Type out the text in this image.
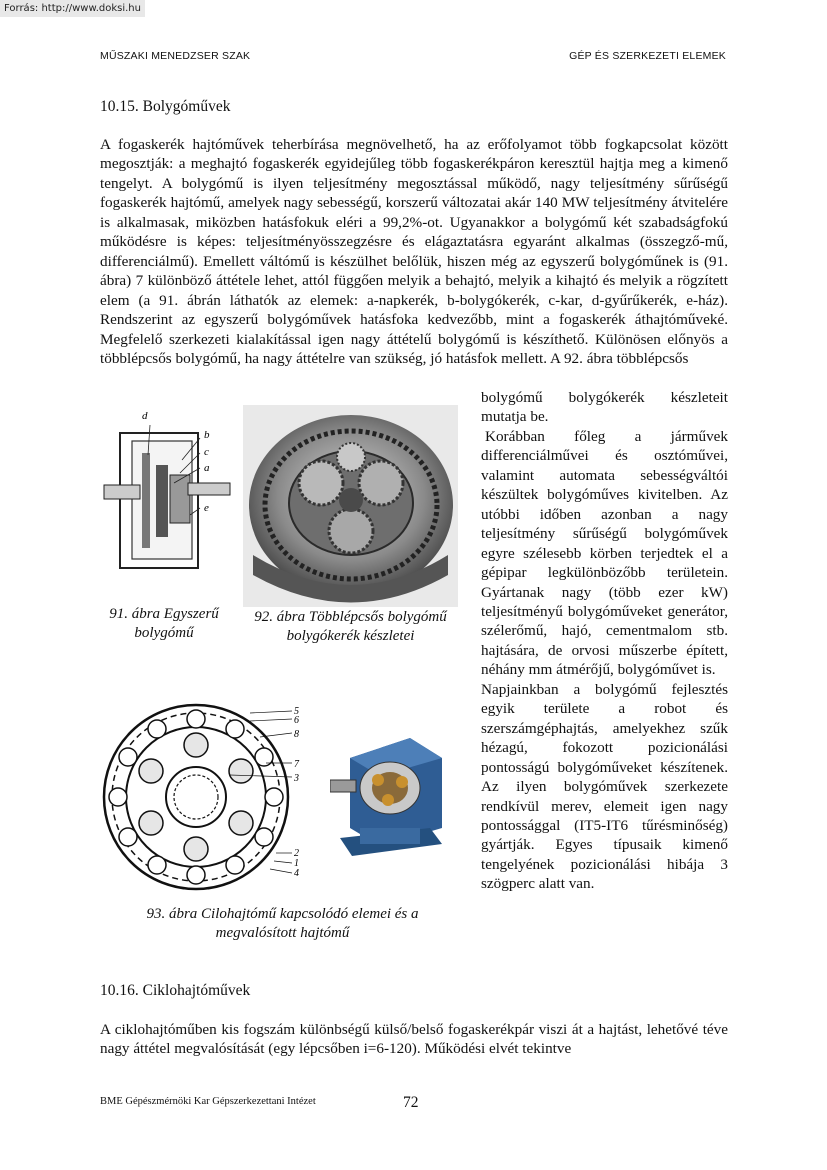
Forrás: http://www.doksi.hu
MŰSZAKI MENEDZSER SZAK	GÉP ÉS SZERKEZETI ELEMEK
10.15. Bolygóművek

A fogaskerék hajtóművek teherbírása megnövelhető, ha az erőfolyamot több fogkapcsolat között megosztják: a meghajtó fogaskerék egyidejűleg több fogaskerékpáron keresztül hajtja meg a kimenő tengelyt. A bolygómű is ilyen teljesítmény megosztással működő, nagy teljesítmény sűrűségű fogaskerék hajtómű, amelyek nagy sebességű, korszerű változatai akár 140 MW teljesítmény átvitelére is alkalmasak, miközben hatásfokuk eléri a 99,2%-ot. Ugyanakkor a bolygómű két szabadságfokú működésre is képes: teljesítményösszegzésre és elágaztatásra egyaránt alkalmas (összegző-mű, differenciálmű). Emellett váltómű is készülhet belőlük, hiszen még az egyszerű bolygóműnek is (91. ábra) 7 különböző áttétele lehet, attól függően melyik a behajtó, melyik a kihajtó és melyik a rögzített elem (a 91. ábrán láthatók az elemek: a-napkerék, b-bolygókerék, c-kar, d-gyűrűkerék, e-ház). Rendszerint az egyszerű bolygóművek hatásfoka kedvezőbb, mint a fogaskerék áthajtóműveké. Megfelelő szerkezeti kialakítással igen nagy áttételű bolygómű is készíthető. Különösen előnyös a többlépcsős bolygómű, ha nagy áttételre van szükség, jó hatásfok mellett. A 92. ábra többlépcsős

bolygómű bolygókerék készleteit mutatja be.

Korábban főleg a járművek differenciálművei és osztóművei, valamint automata sebességváltói készültek bolygóműves kivitelben. Az utóbbi időben azonban a nagy teljesítmény sűrűségű bolygóművek egyre szélesebb körben terjedtek el a gépipar legkülönbözőbb területein. Gyártanak nagy (több ezer kW) teljesítményű bolygóműveket generátor, szélerőmű, hajó, cementmalom stb. hajtására, de orvosi műszerbe épített, néhány mm átmérőjű, bolygóművet is.

Napjainkban a bolygómű fejlesztés egyik területe a robot és szerszámgéphajtás, amelyekhez szűk hézagú, fokozott pozicionálási pontosságú bolygóműveket készítenek. Az ilyen bolygóművek szerkezete rendkívül merev, elemeit igen nagy pontossággal (IT5-IT6 tűrésminőség) gyártják. Egyes típusaik kimenő tengelyének pozicionálási hibája 3 szögperc alatt van.

d
b
c
a
e
91. ábra Egyszerű bolygómű
92. ábra Többlépcsős bolygómű bolygókerék készletei
5
6
8
7
3
2
1
4
93. ábra Cilohajtómű kapcsolódó elemei és a megvalósított hajtómű
10.16. Ciklohajtóművek

A ciklohajtóműben kis fogszám különbségű külső/belső fogaskerékpár viszi át a hajtást, lehetővé téve nagy áttétel megvalósítását (egy lépcsőben i=6-120). Működési elvét tekintve

BME Gépészmérnöki Kar Gépszerkezettani Intézet	72
